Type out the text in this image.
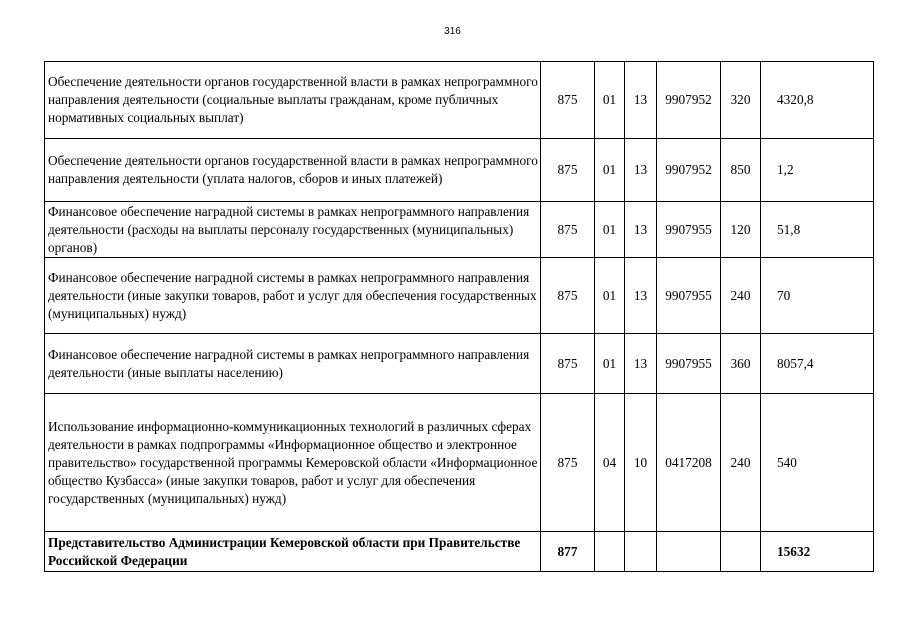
316
Обеспечение деятельности органов государственной власти в рамках непрограммного направления деятельности (социальные выплаты гражданам, кроме публичных нормативных социальных выплат)	875	01	13	9907952	320	4320,8
Обеспечение деятельности органов государственной власти в рамках непрограммного направления деятельности (уплата налогов, сборов и иных платежей)	875	01	13	9907952	850	1,2
Финансовое обеспечение наградной системы в рамках непрограммного направления деятельности (расходы на выплаты персоналу государственных (муниципальных) органов)	875	01	13	9907955	120	51,8
Финансовое обеспечение наградной системы в рамках непрограммного направления деятельности (иные закупки товаров, работ и услуг для обеспечения государственных (муниципальных) нужд)	875	01	13	9907955	240	70
Финансовое обеспечение наградной системы в рамках непрограммного направления деятельности (иные выплаты населению)	875	01	13	9907955	360	8057,4
Использование информационно-коммуникационных технологий в различных сферах деятельности в рамках подпрограммы «Информационное общество и электронное правительство» государственной программы Кемеровской области «Информационное общество Кузбасса» (иные закупки товаров, работ и услуг для обеспечения государственных (муниципальных) нужд)	875	04	10	0417208	240	540
Представительство Администрации Кемеровской области при Правительстве Российской Федерации	877					15632
